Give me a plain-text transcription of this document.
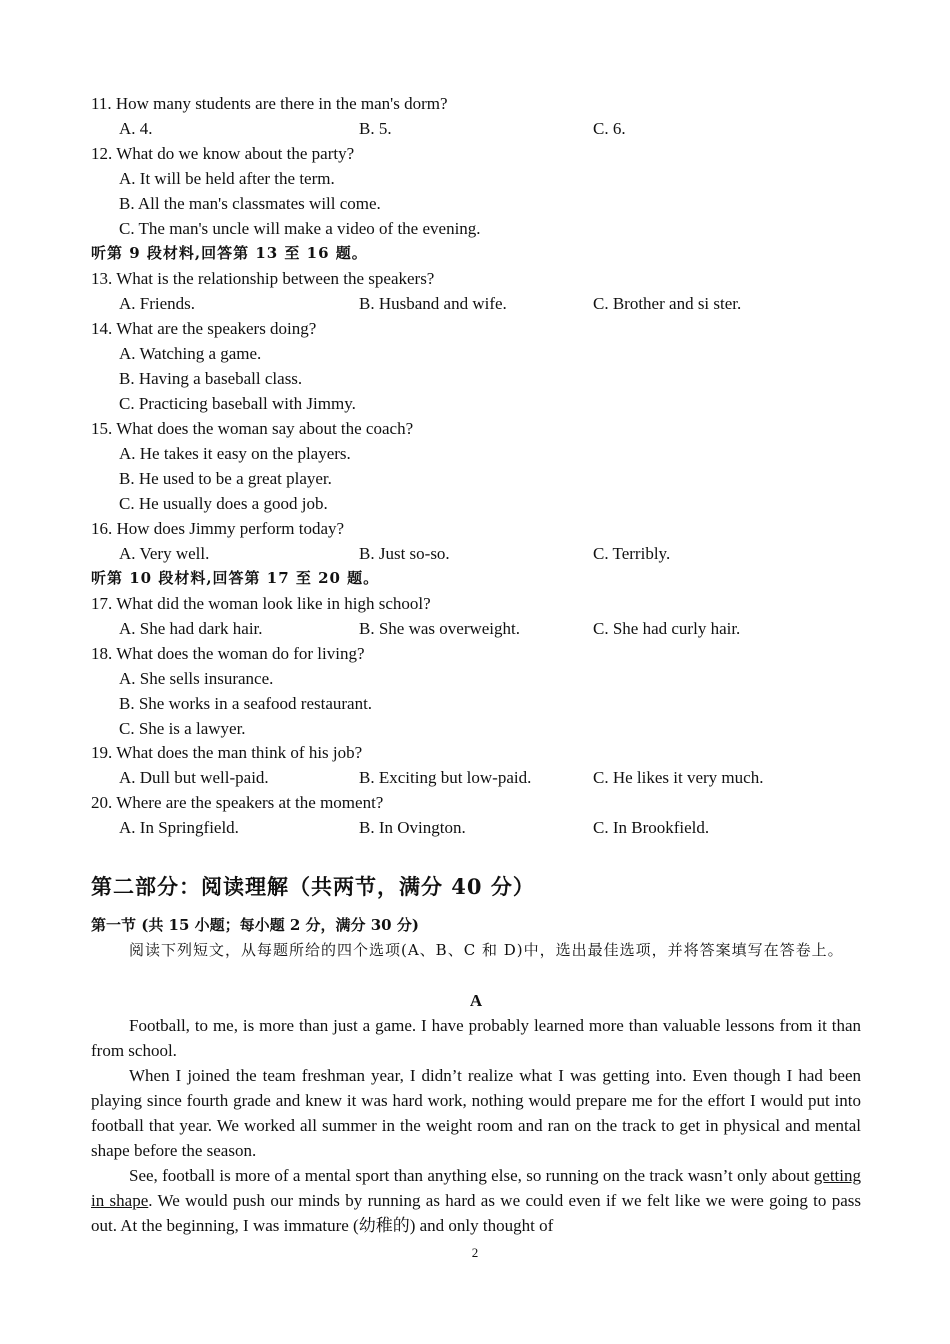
11. How many students are there in the man's dorm?
A. 4.	B. 5.	C. 6.
12. What do we know about the party?
A. It will be held after the term.
B. All the man's classmates will come.
C. The man's uncle will make a video of the evening.
听第 9 段材料,回答第 13 至 16 题。
13. What is the relationship between the speakers?
A. Friends.	B. Husband and wife.	C. Brother and si ster.
14. What are the speakers doing?
A. Watching a game.
B. Having a baseball class.
C. Practicing baseball with Jimmy.
15. What does the woman say about the coach?
A. He takes it easy on the players.
B. He used to be a great player.
C. He usually does a good job.
16. How does Jimmy perform today?
A. Very well.	B. Just so-so.	C. Terribly.
听第 10 段材料,回答第 17 至 20 题。
17. What did the woman look like in high school?
A. She had dark hair.	B. She was overweight.	C. She had curly hair.
18. What does the woman do for living?
A. She sells insurance.
B. She works in a seafood restaurant.
C. She is a lawyer.
19. What does the man think of his job?
A. Dull but well-paid.	B. Exciting but low-paid.	C. He likes it very much.
20. Where are the speakers at the moment?
A. In Springfield.	B. In Ovington.	C. In Brookfield.
第二部分：阅读理解（共两节，满分 40 分）
第一节 (共 15 小题；每小题 2 分，满分 30 分)
阅读下列短文，从每题所给的四个选项(A、B、C 和 D)中，选出最佳选项，并将答案填写在答卷上。
A
Football, to me, is more than just a game. I have probably learned more than valuable lessons from it than from school.
When I joined the team freshman year, I didn’t realize what I was getting into. Even though I had been playing since fourth grade and knew it was hard work, nothing would prepare me for the effort I would put into football that year. We worked all summer in the weight room and ran on the track to get in physical and mental shape before the season.
See, football is more of a mental sport than anything else, so running on the track wasn’t only about getting in shape. We would push our minds by running as hard as we could even if we felt like we were going to pass out. At the beginning, I was immature (幼稚的) and only thought of
2
